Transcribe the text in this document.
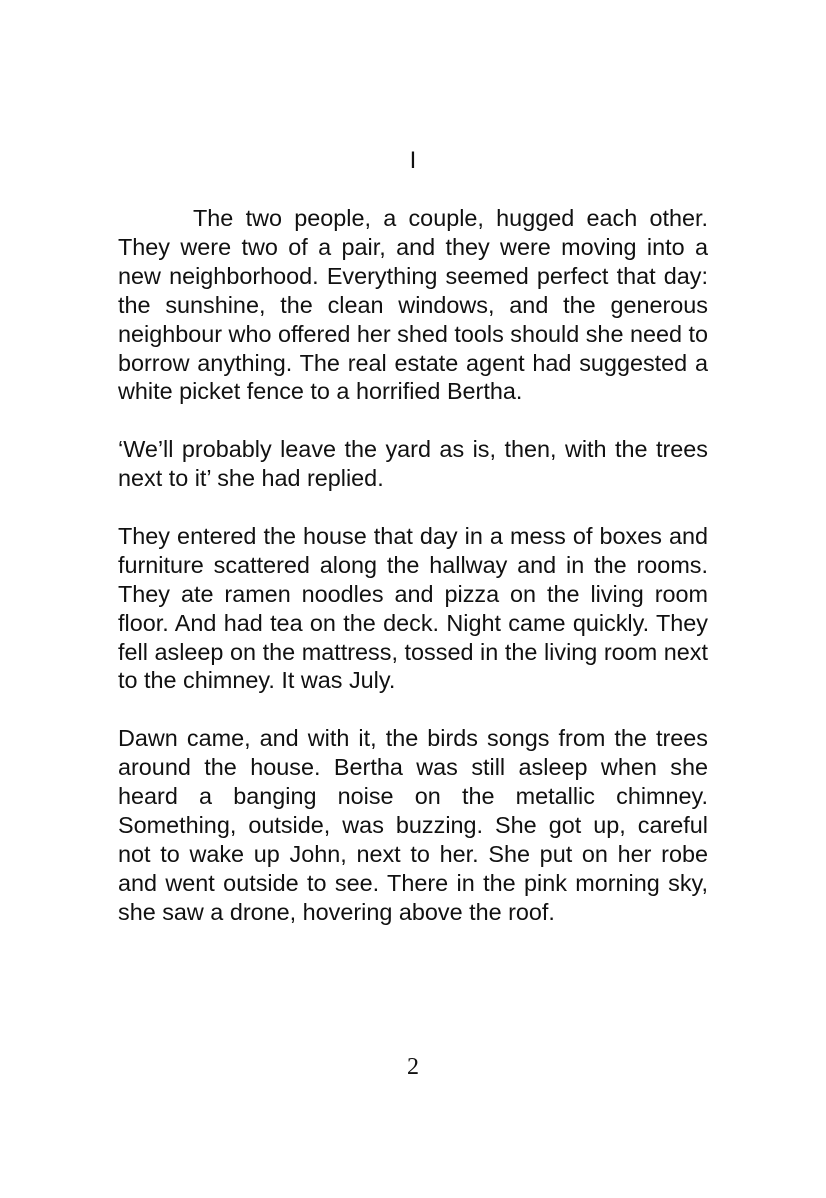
I

The two people, a couple, hugged each other. They were two of a pair, and they were moving into a new neighborhood. Everything seemed perfect that day: the sunshine, the clean windows, and the generous neighbour who offered her shed tools should she need to borrow anything. The real estate agent had suggested a white picket fence to a horrified Bertha.

‘We’ll probably leave the yard as is, then, with the trees next to it’ she had replied.

They entered the house that day in a mess of boxes and furniture scattered along the hallway and in the rooms. They ate ramen noodles and pizza on the living room floor. And had tea on the deck. Night came quickly. They fell asleep on the mattress, tossed in the living room next to the chimney. It was July.

Dawn came, and with it, the birds songs from the trees around the house. Bertha was still asleep when she heard a banging noise on the metallic chimney. Something, outside, was buzzing. She got up, careful not to wake up John, next to her. She put on her robe and went outside to see. There in the pink morning sky, she saw a drone, hovering above the roof.

2
